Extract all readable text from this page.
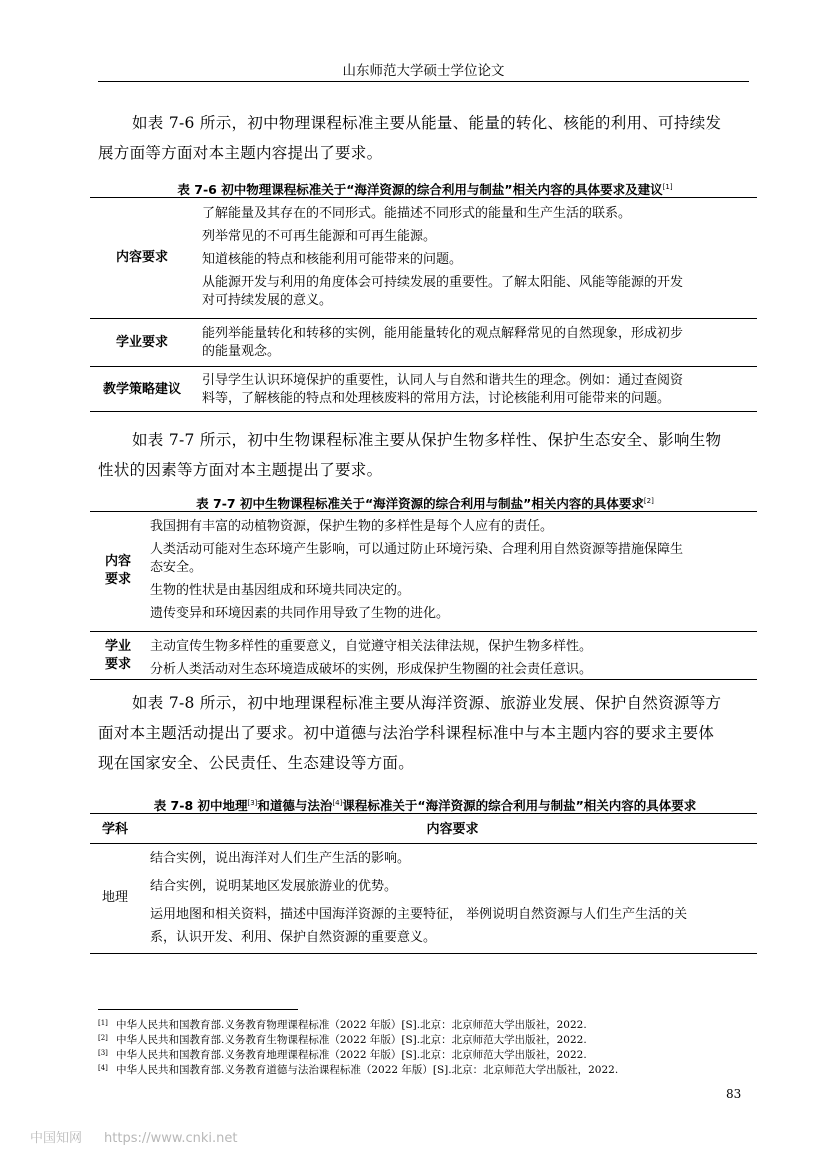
山东师范大学硕士学位论文

如表 7-6 所示，初中物理课程标准主要从能量、能量的转化、核能的利用、可持续发

展方面等方面对本主题内容提出了要求。

表 7-6 初中物理课程标准关于“海洋资源的综合利用与制盐”相关内容的具体要求及建议[1]
内容要求

了解能量及其存在的不同形式。能描述不同形式的能量和生产生活的联系。

列举常见的不可再生能源和可再生能源。

知道核能的特点和核能利用可能带来的问题。

从能源开发与利用的角度体会可持续发展的重要性。了解太阳能、风能等能源的开发

对可持续发展的意义。

学业要求

能列举能量转化和转移的实例，能用能量转化的观点解释常见的自然现象，形成初步

的能量观念。

教学策略建议

引导学生认识环境保护的重要性，认同人与自然和谐共生的理念。例如：通过查阅资

料等，了解核能的特点和处理核废料的常用方法，讨论核能利用可能带来的问题。

如表 7-7 所示，初中生物课程标准主要从保护生物多样性、保护生态安全、影响生物

性状的因素等方面对本主题提出了要求。

表 7-7 初中生物课程标准关于“海洋资源的综合利用与制盐”相关内容的具体要求[2]
内容
要求

我国拥有丰富的动植物资源，保护生物的多样性是每个人应有的责任。

人类活动可能对生态环境产生影响，可以通过防止环境污染、合理利用自然资源等措施保障生

态安全。

生物的性状是由基因组成和环境共同决定的。

遗传变异和环境因素的共同作用导致了生物的进化。

学业
要求

主动宣传生物多样性的重要意义，自觉遵守相关法律法规，保护生物多样性。

分析人类活动对生态环境造成破坏的实例，形成保护生物圈的社会责任意识。

如表 7-8 所示，初中地理课程标准主要从海洋资源、旅游业发展、保护自然资源等方

面对本主题活动提出了要求。初中道德与法治学科课程标准中与本主题内容的要求主要体

现在国家安全、公民责任、生态建设等方面。

表 7-8 初中地理[3]和道德与法治[4]课程标准关于“海洋资源的综合利用与制盐”相关内容的具体要求
学科	内容要求
地理

结合实例，说出海洋对人们生产生活的影响。

结合实例，说明某地区发展旅游业的优势。

运用地图和相关资料，描述中国海洋资源的主要特征， 举例说明自然资源与人们生产生活的关

系，认识开发、利用、保护自然资源的重要意义。

[1] 中华人民共和国教育部.义务教育物理课程标准（2022 年版）[S].北京：北京师范大学出版社，2022.

[2] 中华人民共和国教育部.义务教育生物课程标准（2022 年版）[S].北京：北京师范大学出版社，2022.

[3] 中华人民共和国教育部.义务教育地理课程标准（2022 年版）[S].北京：北京师范大学出版社，2022.

[4] 中华人民共和国教育部.义务教育道德与法治课程标准（2022 年版）[S].北京：北京师范大学出版社，2022.

83
中国知网 https://www.cnki.net
